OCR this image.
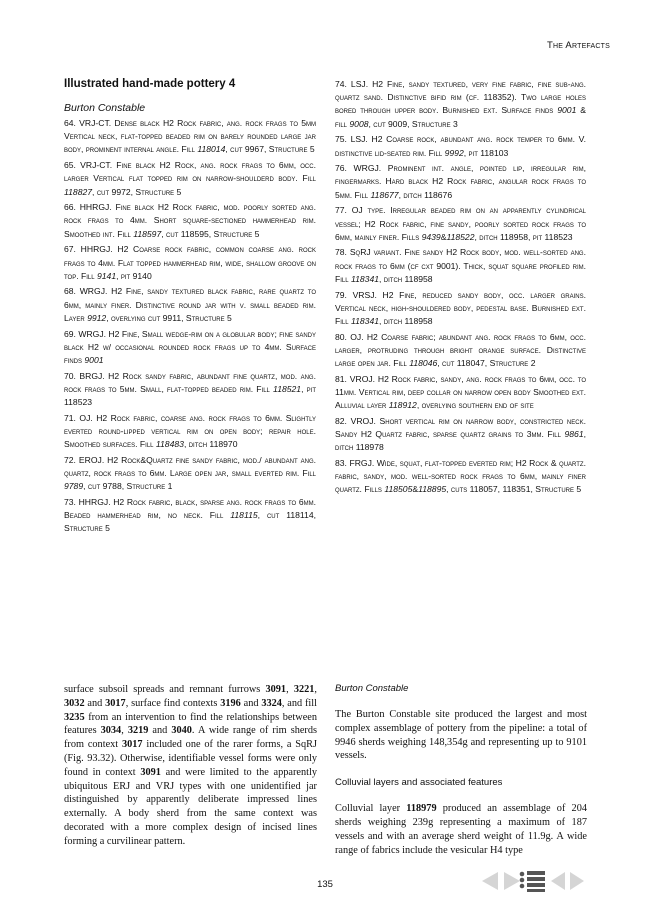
The Artefacts
Illustrated hand-made pottery 4
Burton Constable
64. VRJ-CT. Dense black H2 Rock fabric, ang. rock frags to 5mm Vertical neck, flat-topped beaded rim on barely rounded large jar body, prominent internal angle. Fill 118014, cut 9967, Structure 5
65. VRJ-CT. Fine black H2 Rock, ang. rock frags to 6mm, occ. larger Vertical flat topped rim on narrow-shoulderd body. Fill 118827, cut 9972, Structure 5
66. HHRGJ. Fine black H2 Rock fabric, mod. poorly sorted ang. rock frags to 4mm. Short square-sectioned hammerhead rim. Smoothed int. Fill 118597, cut 118595, Structure 5
67. HHRGJ. H2 Coarse rock fabric, common coarse ang. rock frags to 4mm. Flat topped hammerhead rim, wide, shallow groove on top. Fill 9141, pit 9140
68. WRGJ. H2 Fine, sandy textured black fabric, rare quartz to 6mm, mainly finer. Distinctive round jar with v. small beaded rim. Layer 9912, overlying cut 9911, Structure 5
69. WRGJ. H2 Fine, Small wedge-rim on a globular body; fine sandy black H2 w/ occasional rounded rock frags up to 4mm. Surface finds 9001
70. BRGJ. H2 Rock sandy fabric, abundant fine quartz, mod. ang. rock frags to 5mm. Small, flat-topped beaded rim. Fill 118521, pit 118523
71. OJ. H2 Rock fabric, coarse ang. rock frags to 6mm. Slightly everted round-lipped vertical rim on open body; repair hole. Smoothed surfaces. Fill 118483, ditch 118970
72. EROJ. H2 Rock&Quartz fine sandy fabric, mod./ abundant ang. quartz, rock frags to 6mm. Large open jar, small everted rim. Fill 9789, cut 9788, Structure 1
73. HHRGJ. H2 Rock fabric, black, sparse ang. rock frags to 6mm. Beaded hammerhead rim, no neck. Fill 118115, cut 118114, Structure 5
74. LSJ. H2 Fine, sandy textured, very fine fabric, fine sub-ang. quartz sand. Distinctive bifid rim (cf. 118352). Two large holes bored through upper body. Burnished ext. Surface finds 9001 & fill 9008, cut 9009, Structure 3
75. LSJ. H2 Coarse rock, abundant ang. rock temper to 6mm. V. distinctive lid-seated rim. Fill 9992, pit 118103
76. WRGJ. Prominent int. angle, pointed lip, irregular rim, fingermarks. Hard black H2 Rock fabric, angular rock frags to 5mm. Fill 118677, ditch 118676
77. OJ type. Irregular beaded rim on an apparently cylindrical vessel; H2 Rock fabric, fine sandy, poorly sorted rock frags to 6mm, mainly finer. Fills 9439&118522, ditch 118958, pit 118523
78. SqRJ variant. Fine sandy H2 Rock body, mod. well-sorted ang. rock frags to 6mm (cf cxt 9001). Thick, squat square profiled rim. Fill 118341, ditch 118958
79. VRSJ. H2 Fine, reduced sandy body, occ. larger grains. Vertical neck, high-shouldered body, pedestal base. Burnished ext. Fill 118341, ditch 118958
80. OJ. H2 Coarse fabric; abundant ang. rock frags to 6mm, occ. larger, protruding through bright orange surface. Distinctive large open jar. Fill 118046, cut 118047, Structure 2
81. VROJ. H2 Rock fabric, sandy, ang. rock frags to 6mm, occ. to 11mm. Vertical rim, deep collar on narrow open body Smoothed ext. Alluvial layer 118912, overlying southern end of site
82. VROJ. Short vertical rim on narrow body, constricted neck. Sandy H2 Quartz fabric, sparse quartz grains to 3mm. Fill 9861, ditch 118978
83. FRGJ. Wide, squat, flat-topped everted rim; H2 Rock & quartz. fabric, sandy, mod. well-sorted rock frags to 6mm, mainly finer quartz. Fills 118505&118895, cuts 118057, 118351, Structure 5

surface subsoil spreads and remnant furrows 3091, 3221, 3032 and 3017, surface find contexts 3196 and 3324, and fill 3235 from an intervention to find the relationships between features 3034, 3219 and 3040. A wide range of rim sherds from context 3017 included one of the rarer forms, a SqRJ (Fig. 93.32). Otherwise, identifiable vessel forms were only found in context 3091 and were limited to the apparently ubiquitous ERJ and VRJ types with one unidentified jar distinguished by apparently deliberate impressed lines externally. A body sherd from the same context was decorated with a more complex design of incised lines forming a curvilinear pattern.

Burton Constable

The Burton Constable site produced the largest and most complex assemblage of pottery from the pipeline: a total of 9946 sherds weighing 148,354g and representing up to 9101 vessels.

Colluvial layers and associated features

Colluvial layer 118979 produced an assemblage of 204 sherds weighing 239g representing a maximum of 187 vessels and with an average sherd weight of 11.9g. A wide range of fabrics include the vesicular H4 type

135
